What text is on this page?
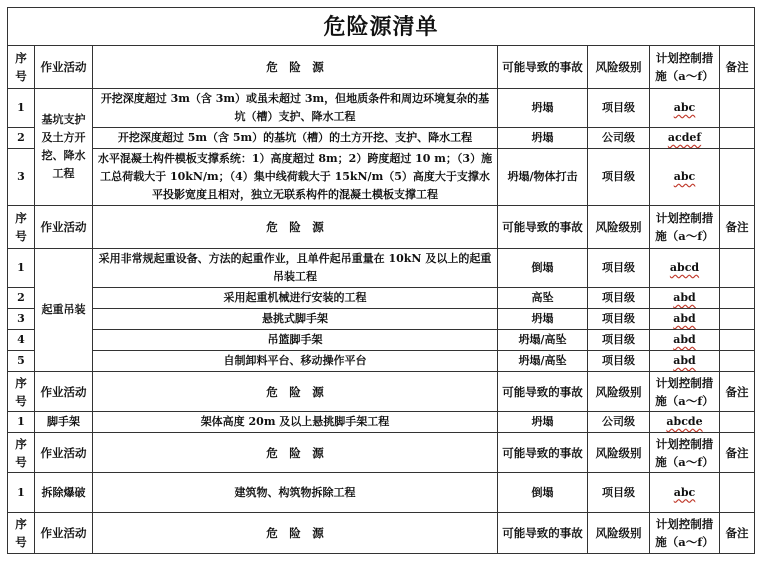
危险源清单						
序号	作业活动	危　险　源	可能导致的事故	风险级别	计划控制措施（a～f）	备注
1	基坑支护及土方开挖、降水工程	开挖深度超过 3m（含 3m）或虽未超过 3m，但地质条件和周边环境复杂的基坑（槽）支护、降水工程	坍塌	项目级	abc	
2		开挖深度超过 5m（含 5m）的基坑（槽）的土方开挖、支护、降水工程	坍塌	公司级	acdef	
3		水平混凝土构件模板支撑系统：1）高度超过 8m；2）跨度超过 10 m；（3）施工总荷载大于 10kN/m；（4）集中线荷载大于 15kN/m（5）高度大于支撑水平投影宽度且相对，独立无联系构件的混凝土模板支撑工程	坍塌/物体打击	项目级	abc	
序号	作业活动	危　险　源	可能导致的事故	风险级别	计划控制措施（a～f）	备注
1	起重吊装	采用非常规起重设备、方法的起重作业，且单件起吊重量在 10kN 及以上的起重吊装工程	倒塌	项目级	abcd	
2		采用起重机械进行安装的工程	高坠	项目级	abd	
3		悬挑式脚手架	坍塌	项目级	abd	
4		吊篮脚手架	坍塌/高坠	项目级	abd	
5		自制卸料平台、移动操作平台	坍塌/高坠	项目级	abd	
序号	作业活动	危　险　源	可能导致的事故	风险级别	计划控制措施（a～f）	备注
1	脚手架	架体高度 20m 及以上悬挑脚手架工程	坍塌	公司级	abcde	
序号	作业活动	危　险　源	可能导致的事故	风险级别	计划控制措施（a～f）	备注
1	拆除爆破	建筑物、构筑物拆除工程	倒塌	项目级	abc	
序号	作业活动	危　险　源	可能导致的事故	风险级别	计划控制措施（a～f）	备注
